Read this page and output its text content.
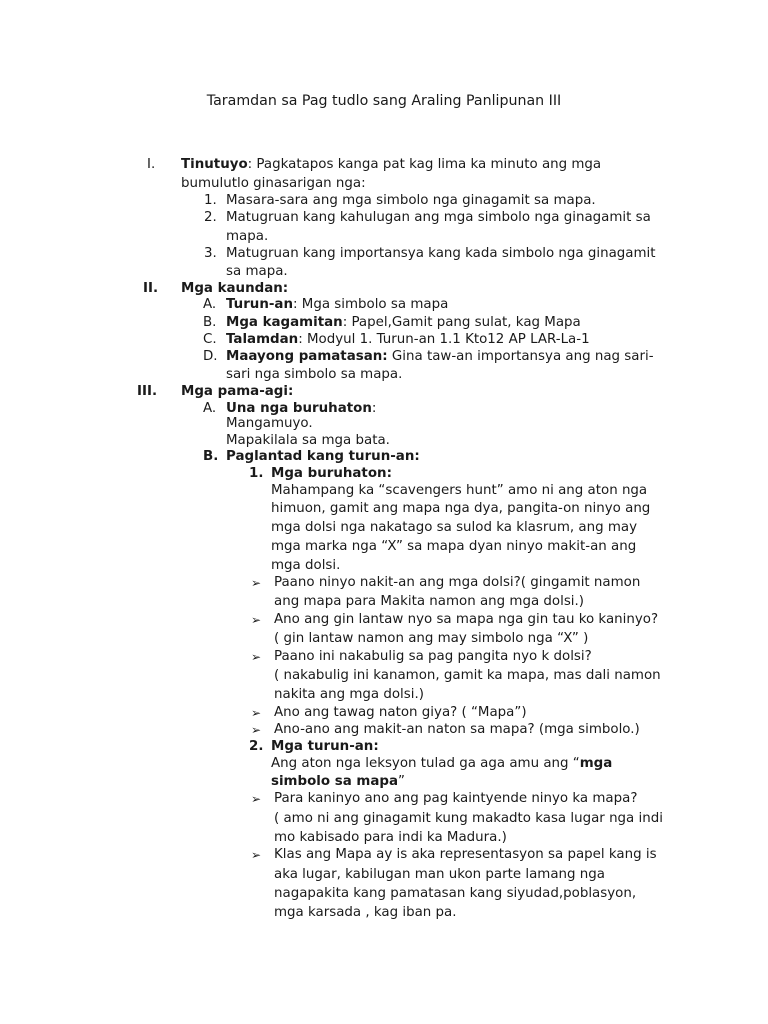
Taramdan sa Pag tudlo sang Araling Panlipunan III
I. Tinutuyo: Pagkatapos kanga pat kag lima ka minuto ang mga
bumulutlo ginasarigan nga:
1. Masara-sara ang mga simbolo nga ginagamit sa mapa.
2. Matugruan kang kahulugan ang mga simbolo nga ginagamit sa
mapa.
3. Matugruan kang importansya kang kada simbolo nga ginagamit
sa mapa.
II. Mga kaundan:
A. Turun-an: Mga simbolo sa mapa
B. Mga kagamitan: Papel,Gamit pang sulat, kag Mapa
C. Talamdan: Modyul 1. Turun-an 1.1 Kto12 AP LAR-La-1
D. Maayong pamatasan: Gina taw-an importansya ang nag sari-
sari nga simbolo sa mapa.
III. Mga pama-agi:
A. Una nga buruhaton:
Mangamuyo.
Mapakilala sa mga bata.
B. Paglantad kang turun-an:
1. Mga buruhaton:
Mahampang ka “scavengers hunt” amo ni ang aton nga
himuon, gamit ang mapa nga dya, pangita-on ninyo ang
mga dolsi nga nakatago sa sulod ka klasrum, ang may
mga marka nga “X” sa mapa dyan ninyo makit-an ang
mga dolsi.
➢ Paano ninyo nakit-an ang mga dolsi?( gingamit namon
ang mapa para Makita namon ang mga dolsi.)
➢ Ano ang gin lantaw nyo sa mapa nga gin tau ko kaninyo?
( gin lantaw namon ang may simbolo nga “X” )
➢ Paano ini nakabulig sa pag pangita nyo k dolsi?
( nakabulig ini kanamon, gamit ka mapa, mas dali namon
nakita ang mga dolsi.)
➢ Ano ang tawag naton giya? ( “Mapa”)
➢ Ano-ano ang makit-an naton sa mapa? (mga simbolo.)
2. Mga turun-an:
Ang aton nga leksyon tulad ga aga amu ang “mga
simbolo sa mapa”
➢ Para kaninyo ano ang pag kaintyende ninyo ka mapa?
( amo ni ang ginagamit kung makadto kasa lugar nga indi
mo kabisado para indi ka Madura.)
➢ Klas ang Mapa ay is aka representasyon sa papel kang is
aka lugar, kabilugan man ukon parte lamang nga
nagapakita kang pamatasan kang siyudad,poblasyon,
mga karsada , kag iban pa.
